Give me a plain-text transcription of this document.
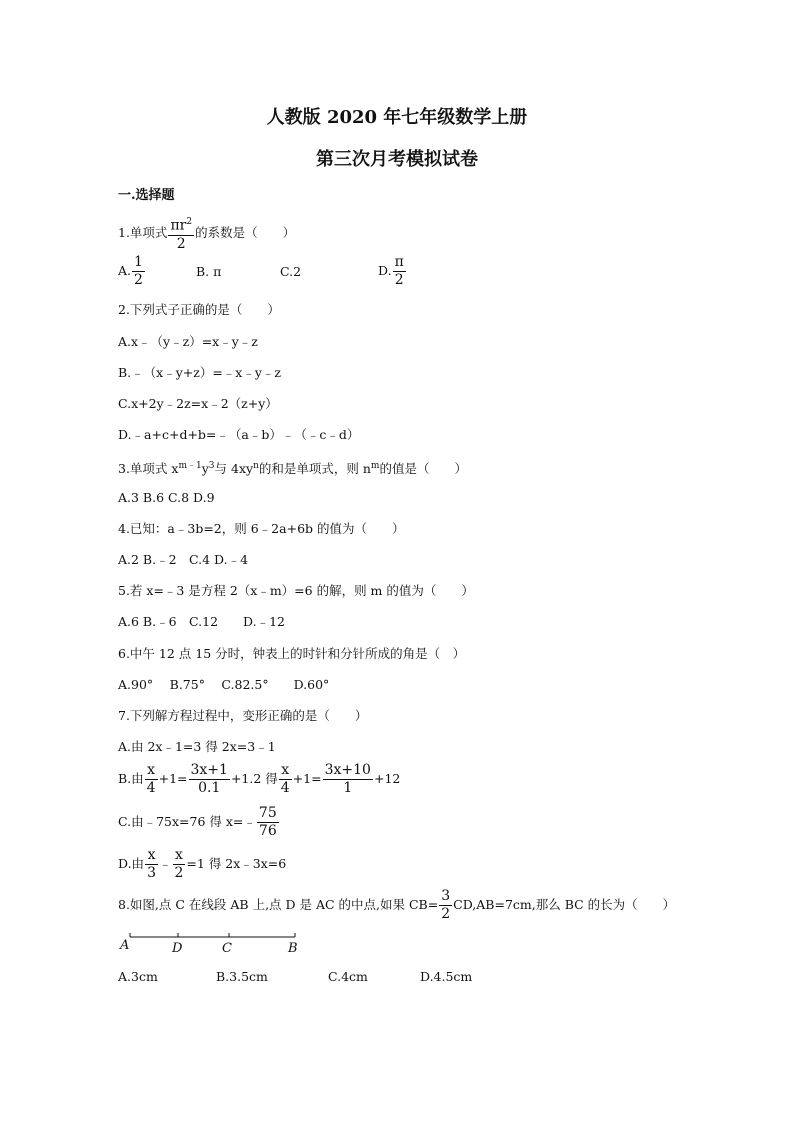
人教版 2020 年七年级数学上册
第三次月考模拟试卷
一.选择题
1.单项式 $\frac{\pi r^2}{2}$ 的系数是（　　）
A. $\frac{1}{2}$	B. π	C.2	D. $\frac{\pi}{2}$
2.下列式子正确的是（　　）
A.x﹣（y﹣z）=x﹣y﹣z
B.﹣（x﹣y+z）=﹣x﹣y﹣z
C.x+2y﹣2z=x﹣2（z+y）
D.﹣a+c+d+b=﹣（a﹣b）﹣（﹣c﹣d）
3.单项式 $x^{m﹣1}y^3$与 $4xy^n$的和是单项式，则 $n^m$的值是（　　）
A.3 B.6 C.8 D.9
4.已知：a﹣3b=2，则 6﹣2a+6b 的值为（　　）
A.2 B.﹣2　C.4 D.﹣4
5.若 x=﹣3 是方程 2（x﹣m）=6 的解，则 m 的值为（　　）
A.6 B.﹣6　C.12　　D.﹣12
6.中午 12 点 15 分时，钟表上的时针和分针所成的角是（　）
A.90°　 B.75°　 C.82.5°　　D.60°
7.下列解方程过程中，变形正确的是（　　）
A.由 2x﹣1=3 得 2x=3﹣1
B.由 $\frac{x}{4} +1= \frac{3x+1}{0.1} +1.2$ 得 $\frac{x}{4} +1= \frac{3x+10}{1} +12$
C.由﹣75x=76 得 x=﹣ $\frac{75}{76}$
D.由 $\frac{x}{3}$ ﹣ $\frac{x}{2} =1$ 得 2x﹣3x=6
8.如图,点 C 在线段 AB 上,点 D 是 AC 的中点,如果 $CB= \frac{3}{2} CD,AB=7cm$,那么 BC 的长为（　　）
A	D	C	B
A.3cm	B.3.5cm	C.4cm	D.4.5cm
